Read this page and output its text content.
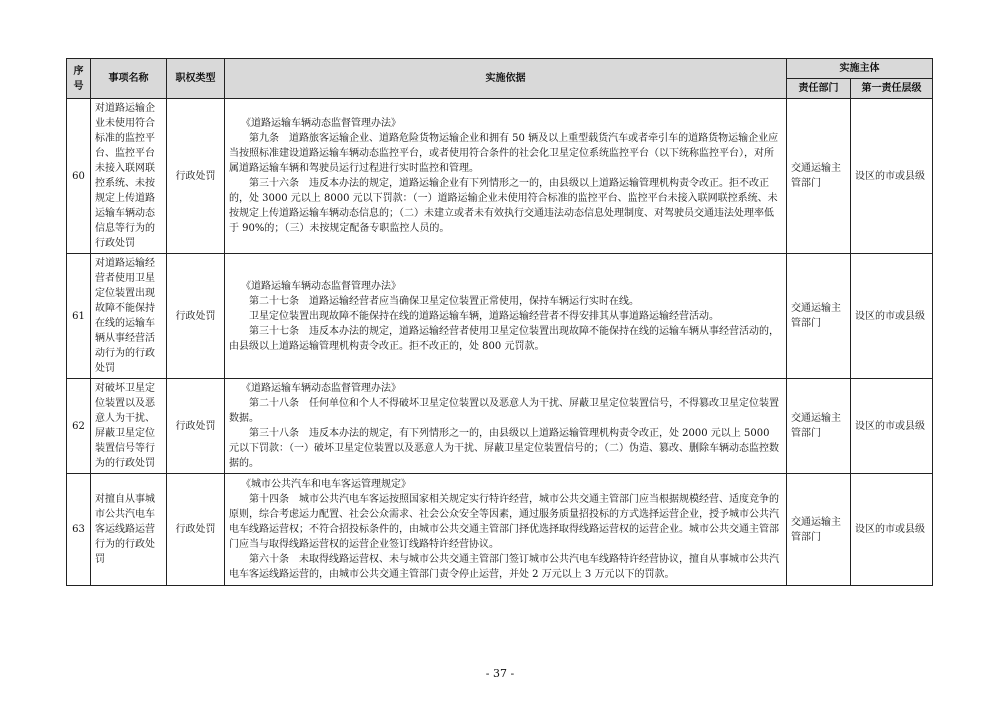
序号	事项名称	职权类型	实施依据	实施主体	
				责任部门	第一责任层级
60	对道路运输企业未使用符合标准的监控平台、监控平台未接入联网联控系统、未按规定上传道路运输车辆动态信息等行为的行政处罚	行政处罚	《道路运输车辆动态监督管理办法》

第九条　道路旅客运输企业、道路危险货物运输企业和拥有 50 辆及以上重型载货汽车或者牵引车的道路货物运输企业应当按照标准建设道路运输车辆动态监控平台，或者使用符合条件的社会化卫星定位系统监控平台（以下统称监控平台），对所属道路运输车辆和驾驶员运行过程进行实时监控和管理。

第三十六条　违反本办法的规定，道路运输企业有下列情形之一的，由县级以上道路运输管理机构责令改正。拒不改正的，处 3000 元以上 8000 元以下罚款：（一）道路运输企业未使用符合标准的监控平台、监控平台未接入联网联控系统、未按规定上传道路运输车辆动态信息的；（二）未建立或者未有效执行交通违法动态信息处理制度、对驾驶员交通违法处理率低于 90%的；（三）未按规定配备专职监控人员的。	交通运输主管部门	设区的市或县级
61	对道路运输经营者使用卫星定位装置出现故障不能保持在线的运输车辆从事经营活动行为的行政处罚	行政处罚	《道路运输车辆动态监督管理办法》

第二十七条　道路运输经营者应当确保卫星定位装置正常使用，保持车辆运行实时在线。

卫星定位装置出现故障不能保持在线的道路运输车辆，道路运输经营者不得安排其从事道路运输经营活动。

第三十七条　违反本办法的规定，道路运输经营者使用卫星定位装置出现故障不能保持在线的运输车辆从事经营活动的，由县级以上道路运输管理机构责令改正。拒不改正的，处 800 元罚款。	交通运输主管部门	设区的市或县级
62	对破坏卫星定位装置以及恶意人为干扰、屏蔽卫星定位装置信号等行为的行政处罚	行政处罚	《道路运输车辆动态监督管理办法》

第二十八条　任何单位和个人不得破坏卫星定位装置以及恶意人为干扰、屏蔽卫星定位装置信号，不得篡改卫星定位装置数据。

第三十八条　违反本办法的规定，有下列情形之一的，由县级以上道路运输管理机构责令改正，处 2000 元以上 5000 元以下罚款：（一）破坏卫星定位装置以及恶意人为干扰、屏蔽卫星定位装置信号的；（二）伪造、篡改、删除车辆动态监控数据的。	交通运输主管部门	设区的市或县级
63	对擅自从事城市公共汽电车客运线路运营行为的行政处罚	行政处罚	《城市公共汽车和电车客运管理规定》

第十四条　城市公共汽电车客运按照国家相关规定实行特许经营，城市公共交通主管部门应当根据规模经营、适度竞争的原则，综合考虑运力配置、社会公众需求、社会公众安全等因素，通过服务质量招投标的方式选择运营企业，授予城市公共汽电车线路运营权；不符合招投标条件的，由城市公共交通主管部门择优选择取得线路运营权的运营企业。城市公共交通主管部门应当与取得线路运营权的运营企业签订线路特许经营协议。

第六十条　未取得线路运营权、未与城市公共交通主管部门签订城市公共汽电车线路特许经营协议，擅自从事城市公共汽电车客运线路运营的，由城市公共交通主管部门责令停止运营，并处 2 万元以上 3 万元以下的罚款。	交通运输主管部门	设区的市或县级
- 37 -
